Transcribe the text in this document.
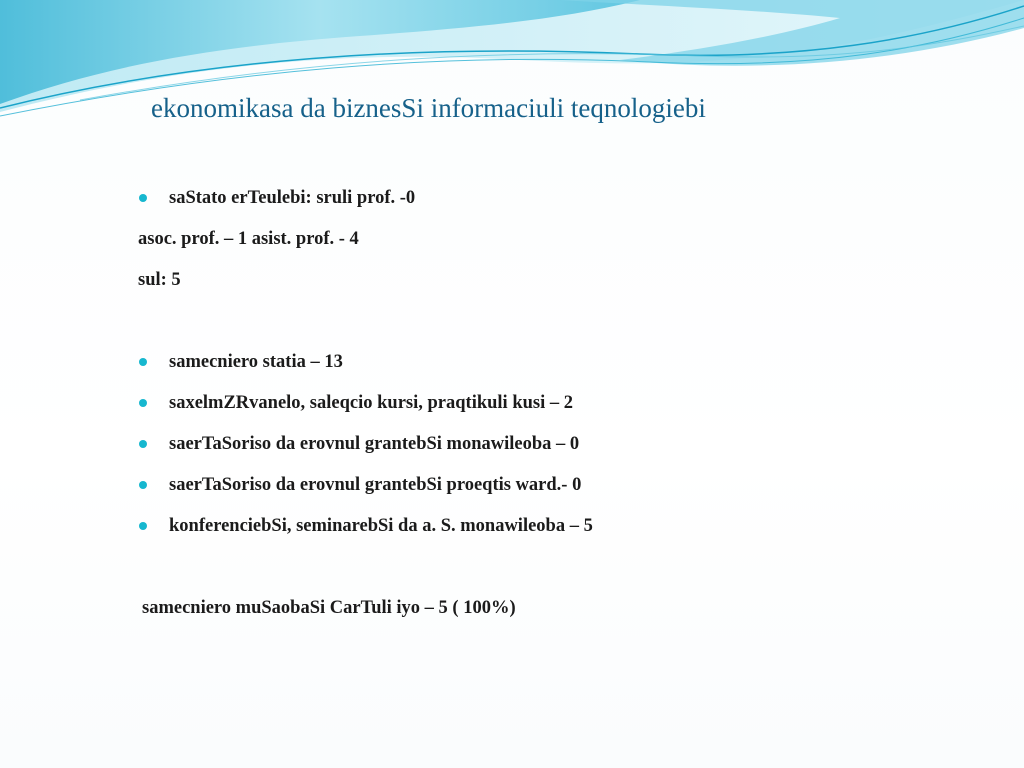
ekonomikasa da biznesSi informaciuli teqnologiebi
saStato erTeulebi: sruli prof. -0
asoc. prof. – 1 asist. prof. - 4
sul: 5
samecniero statia – 13
saxelmZRvanelo, saleqcio kursi, praqtikuli kusi – 2
saerTaSoriso da erovnul grantebSi monawileoba – 0
saerTaSoriso da erovnul grantebSi proeqtis ward.- 0
konferenciebSi, seminarebSi da a. S. monawileoba – 5
samecniero muSaobaSi CarTuli iyo – 5 ( 100%)
